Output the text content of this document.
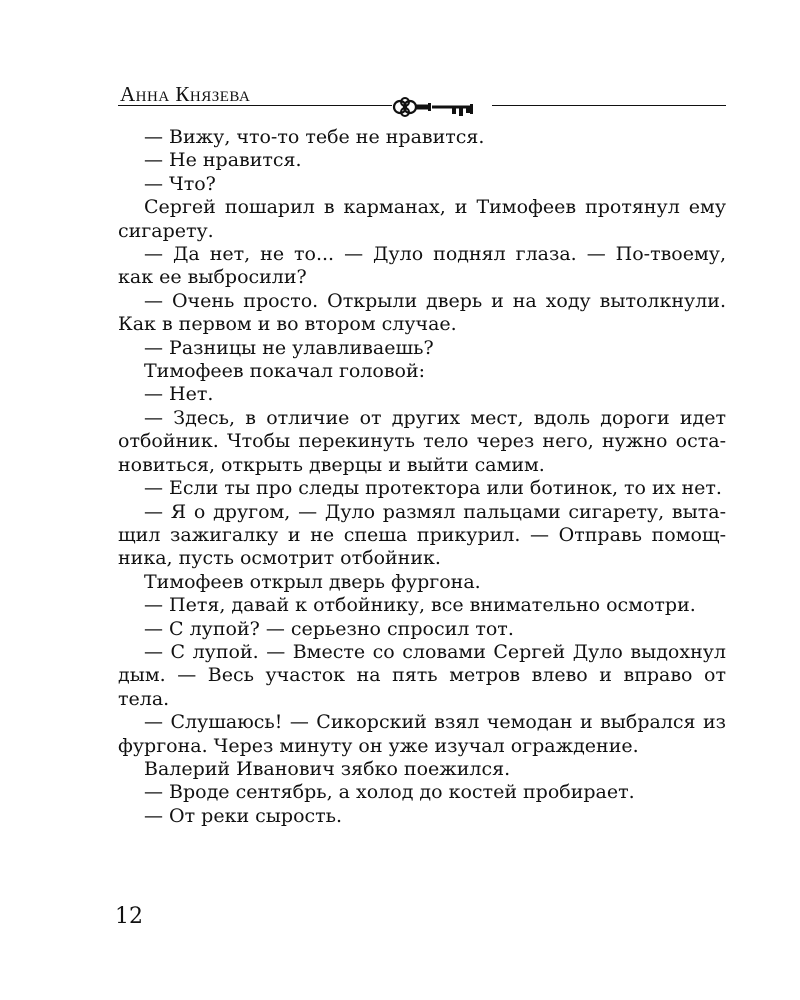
Анна Князева

— Вижу, что-то тебе не нравится.

— Не нравится.

— Что?

Сергей пошарил в карманах, и Тимофеев протянул ему сигарету.

— Да нет, не то... — Дуло поднял глаза. — По-твоему, как ее выбросили?

— Очень просто. Открыли дверь и на ходу вытолкнули. Как в первом и во втором случае.

— Разницы не улавливаешь?

Тимофеев покачал головой:

— Нет.

— Здесь, в отличие от других мест, вдоль дороги идет отбойник. Чтобы перекинуть тело через него, нужно остановиться, открыть дверцы и выйти самим.

— Если ты про следы протектора или ботинок, то их нет.

— Я о другом, — Дуло размял пальцами сигарету, вытащил зажигалку и не спеша прикурил. — Отправь помощника, пусть осмотрит отбойник.

Тимофеев открыл дверь фургона.

— Петя, давай к отбойнику, все внимательно осмотри.

— С лупой? — серьезно спросил тот.

— С лупой. — Вместе со словами Сергей Дуло выдохнул дым. — Весь участок на пять метров влево и вправо от тела.

— Слушаюсь! — Сикорский взял чемодан и выбрался из фургона. Через минуту он уже изучал ограждение.

Валерий Иванович зябко поежился.

— Вроде сентябрь, а холод до костей пробирает.

— От реки сырость.

12
